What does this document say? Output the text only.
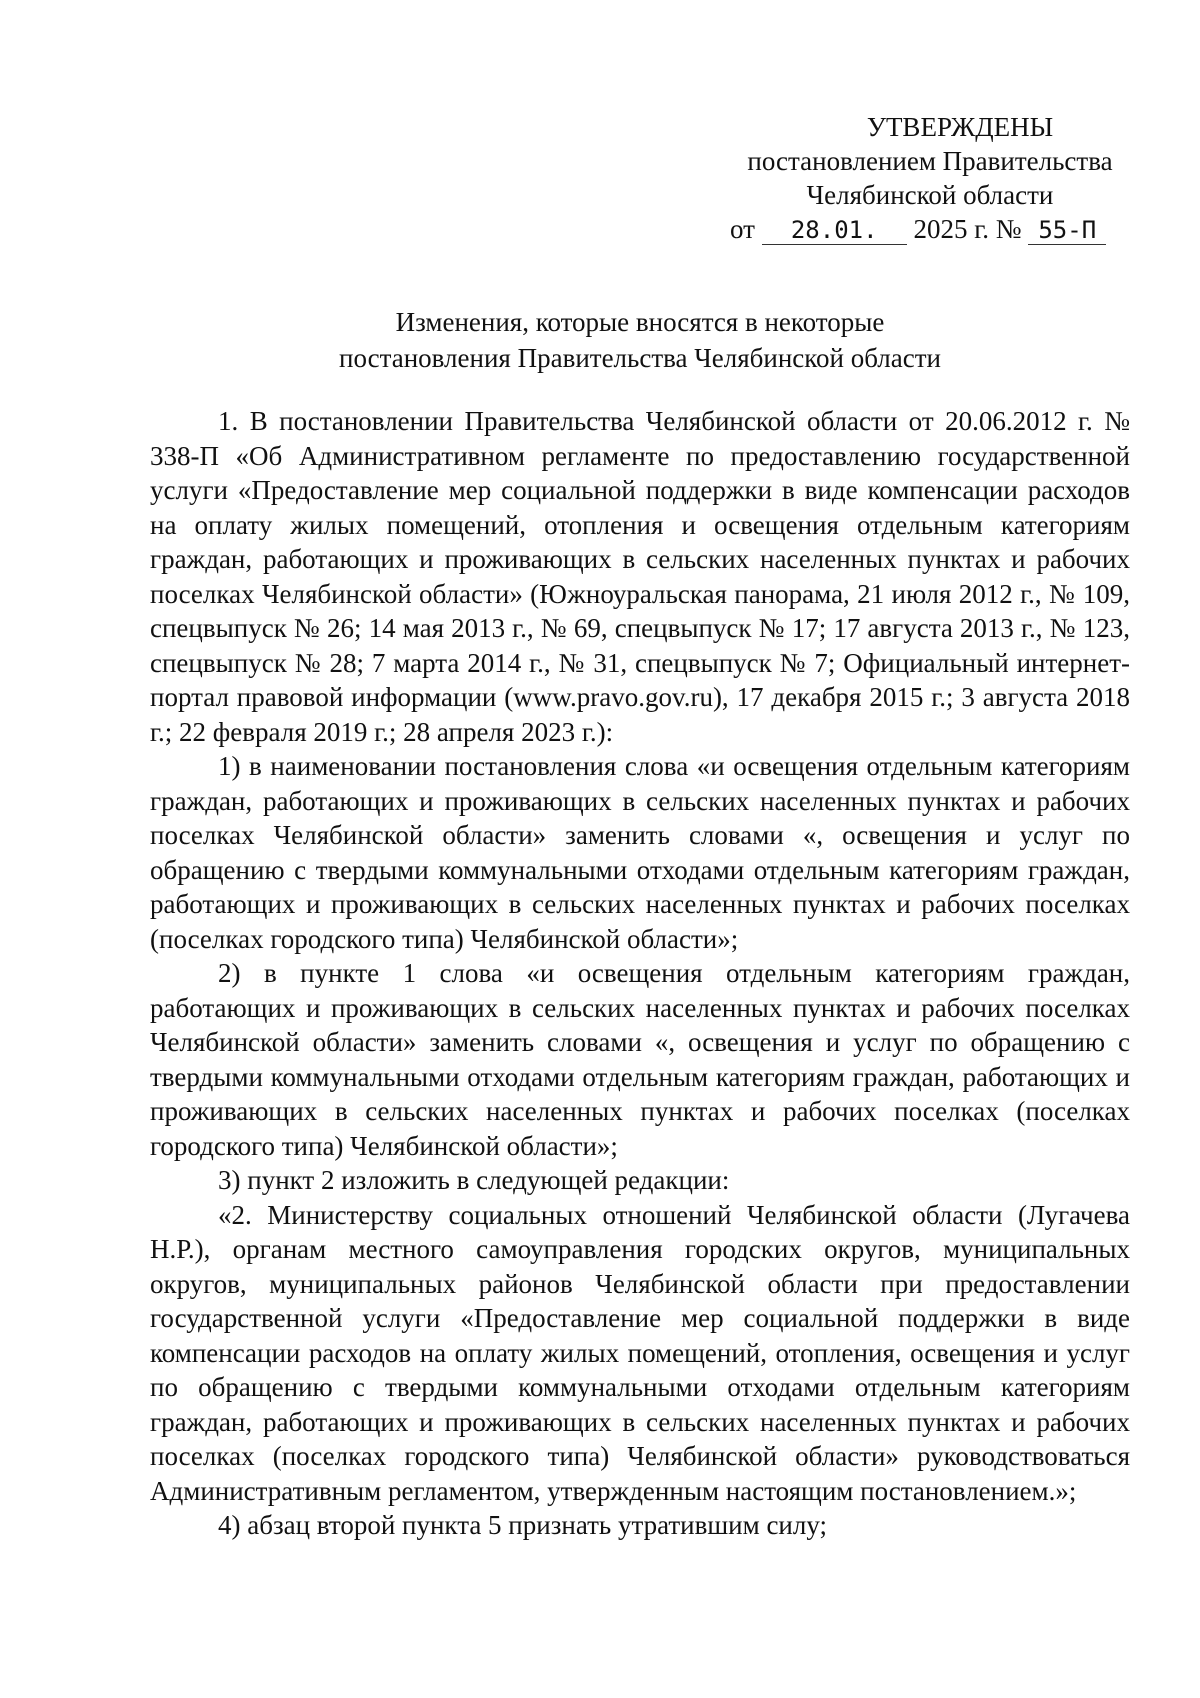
УТВЕРЖДЕНЫ
постановлением Правительства
Челябинской области
от 28.01. 2025 г. № 55-П
Изменения, которые вносятся в некоторые
постановления Правительства Челябинской области

1. В постановлении Правительства Челябинской области от 20.06.2012 г. № 338-П «Об Административном регламенте по предоставлению государственной услуги «Предоставление мер социальной поддержки в виде компенсации расходов на оплату жилых помещений, отопления и освещения отдельным категориям граждан, работающих и проживающих в сельских населенных пунктах и рабочих поселках Челябинской области» (Южноуральская панорама, 21 июля 2012 г., № 109, спецвыпуск № 26; 14 мая 2013 г., № 69, спецвыпуск № 17; 17 августа 2013 г., № 123, спецвыпуск № 28; 7 марта 2014 г., № 31, спецвыпуск № 7; Официальный интернет-портал правовой информации (www.pravo.gov.ru), 17 декабря 2015 г.; 3 августа 2018 г.; 22 февраля 2019 г.; 28 апреля 2023 г.):

1) в наименовании постановления слова «и освещения отдельным категориям граждан, работающих и проживающих в сельских населенных пунктах и рабочих поселках Челябинской области» заменить словами «, освещения и услуг по обращению с твердыми коммунальными отходами отдельным категориям граждан, работающих и проживающих в сельских населенных пунктах и рабочих поселках (поселках городского типа) Челябинской области»;

2) в пункте 1 слова «и освещения отдельным категориям граждан, работающих и проживающих в сельских населенных пунктах и рабочих поселках Челябинской области» заменить словами «, освещения и услуг по обращению с твердыми коммунальными отходами отдельным категориям граждан, работающих и проживающих в сельских населенных пунктах и рабочих поселках (поселках городского типа) Челябинской области»;

3) пункт 2 изложить в следующей редакции:

«2. Министерству социальных отношений Челябинской области (Лугачева Н.Р.), органам местного самоуправления городских округов, муниципальных округов, муниципальных районов Челябинской области при предоставлении государственной услуги «Предоставление мер социальной поддержки в виде компенсации расходов на оплату жилых помещений, отопления, освещения и услуг по обращению с твердыми коммунальными отходами отдельным категориям граждан, работающих и проживающих в сельских населенных пунктах и рабочих поселках (поселках городского типа) Челябинской области» руководствоваться Административным регламентом, утвержденным настоящим постановлением.»;

4) абзац второй пункта 5 признать утратившим силу;
